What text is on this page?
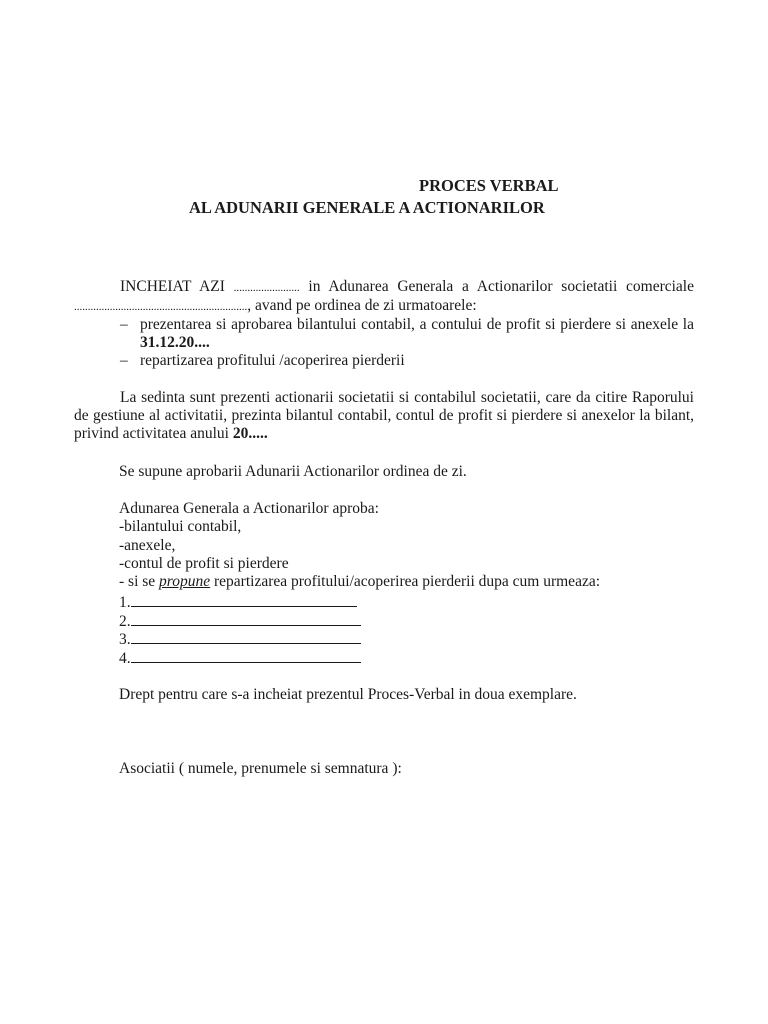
PROCES VERBAL
AL ADUNARII GENERALE A ACTIONARILOR
INCHEIAT AZI ........................ in Adunarea Generala a Actionarilor societatii comerciale ..............................................................., avand pe ordinea de zi urmatoarele:
– prezentarea si aprobarea bilantului contabil, a contului de profit si pierdere si anexele la 31.12.20....
– repartizarea profitului /acoperirea pierderii
La sedinta sunt prezenti actionarii societatii si contabilul societatii, care da citire Raporului de gestiune al activitatii, prezinta bilantul contabil, contul de profit si pierdere si anexelor la bilant, privind activitatea anului 20.....
Se supune aprobarii Adunarii Actionarilor ordinea de zi.
Adunarea Generala a Actionarilor aproba:
-bilantului contabil,
-anexele,
-contul de profit si pierdere
- si se propune repartizarea profitului/acoperirea pierderii dupa cum urmeaza:
1.
2.
3.
4.
Drept pentru care s-a incheiat prezentul Proces-Verbal in doua exemplare.
Asociatii ( numele, prenumele si semnatura ):
